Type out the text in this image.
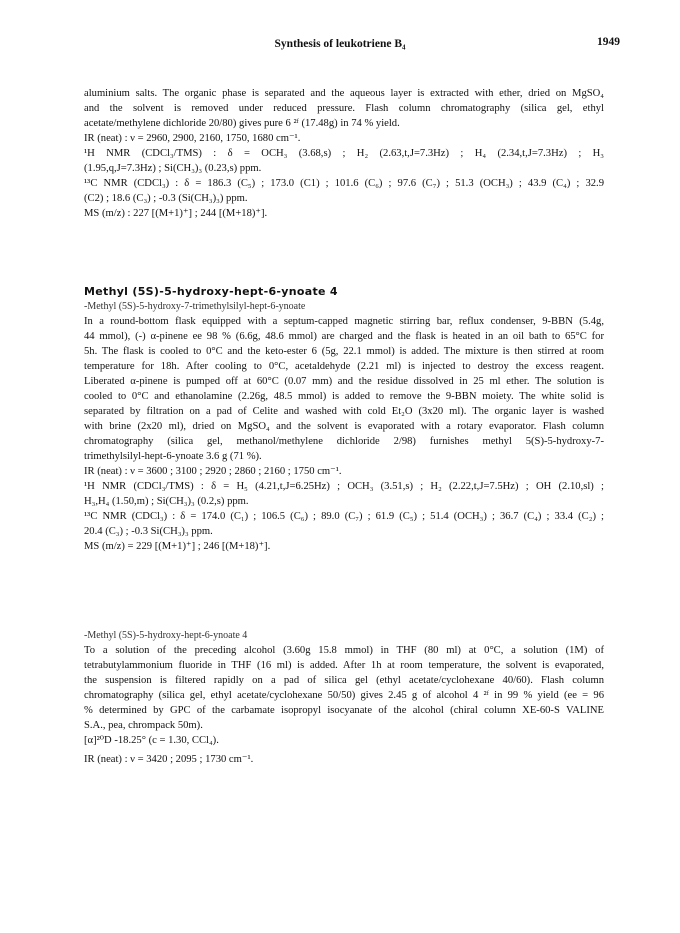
Synthesis of leukotriene B₄	1949

aluminium salts. The organic phase is separated and the aqueous layer is extracted with ether, dried on MgSO₄

and the solvent is removed under reduced pressure. Flash column chromatography (silica gel, ethyl

acetate/methylene dichloride 20/80) gives pure 6 ²ᶠ (17.48g) in 74 % yield.

IR (neat) : ν = 2960, 2900, 2160, 1750, 1680 cm⁻¹.

¹H NMR (CDCl₃/TMS) : δ = OCH₃ (3.68,s) ; H₂ (2.63,t,J=7.3Hz) ; H₄ (2.34,t,J=7.3Hz) ; H₃

(1.95,q,J=7.3Hz) ; Si(CH₃)₃ (0.23,s) ppm.

¹³C NMR (CDCl₃) : δ = 186.3 (C₅) ; 173.0 (C1) ; 101.6 (C₆) ; 97.6 (C₇) ; 51.3 (OCH₃) ; 43.9 (C₄) ; 32.9

(C2) ; 18.6 (C₃) ; -0.3 (Si(CH₃)₃) ppm.

MS (m/z) : 227 [(M+1)⁺] ; 244 [(M+18)⁺].

Methyl (5S)-5-hydroxy-hept-6-ynoate 4

-Methyl (5S)-5-hydroxy-7-trimethylsilyl-hept-6-ynoate

In a round-bottom flask equipped with a septum-capped magnetic stirring bar, reflux condenser, 9-BBN (5.4g,

44 mmol), (-) α-pinene ee 98 % (6.6g, 48.6 mmol) are charged and the flask is heated in an oil bath to 65°C for

5h. The flask is cooled to 0°C and the keto-ester 6 (5g, 22.1 mmol) is added. The mixture is then stirred at room

temperature for 18h. After cooling to 0°C, acetaldehyde (2.21 ml) is injected to destroy the excess reagent.

Liberated α-pinene is pumped off at 60°C (0.07 mm) and the residue dissolved in 25 ml ether. The solution is

cooled to 0°C and ethanolamine (2.26g, 48.5 mmol) is added to remove the 9-BBN moiety. The white solid is

separated by filtration on a pad of Celite and washed with cold Et₂O (3x20 ml). The organic layer is washed

with brine (2x20 ml), dried on MgSO₄ and the solvent is evaporated with a rotary evaporator. Flash column

chromatography (silica gel, methanol/methylene dichloride 2/98) furnishes methyl 5(S)-5-hydroxy-7-

trimethylsilyl-hept-6-ynoate 3.6 g (71 %).

IR (neat) : ν = 3600 ; 3100 ; 2920 ; 2860 ; 2160 ; 1750 cm⁻¹.

¹H NMR (CDCl₃/TMS) : δ = H₅ (4.21,t,J=6.25Hz) ; OCH₃ (3.51,s) ; H₂ (2.22,t,J=7.5Hz) ; OH (2.10,sl) ;

H₃,H₄ (1.50,m) ; Si(CH₃)₃ (0.2,s) ppm.

¹³C NMR (CDCl₃) : δ = 174.0 (C₁) ; 106.5 (C₆) ; 89.0 (C₇) ; 61.9 (C₅) ; 51.4 (OCH₃) ; 36.7 (C₄) ; 33.4 (C₂) ;

20.4 (C₃) ; -0.3 Si(CH₃)₃ ppm.

MS (m/z) = 229 [(M+1)⁺] ; 246 [(M+18)⁺].

-Methyl (5S)-5-hydroxy-hept-6-ynoate 4

To a solution of the preceding alcohol (3.60g 15.8 mmol) in THF (80 ml) at 0°C, a solution (1M) of

tetrabutylammonium fluoride in THF (16 ml) is added. After 1h at room temperature, the solvent is evaporated,

the suspension is filtered rapidly on a pad of silica gel (ethyl acetate/cyclohexane 40/60). Flash column

chromatography (silica gel, ethyl acetate/cyclohexane 50/50) gives 2.45 g of alcohol 4 ²ᶠ in 99 % yield (ee = 96

% determined by GPC of the carbamate isopropyl isocyanate of the alcohol (chiral column XE-60-S VALINE

S.A., pea, chrompack 50m).

[α]²⁰D -18.25° (c = 1.30, CCl₄).

IR (neat) : ν = 3420 ; 2095 ; 1730 cm⁻¹.
